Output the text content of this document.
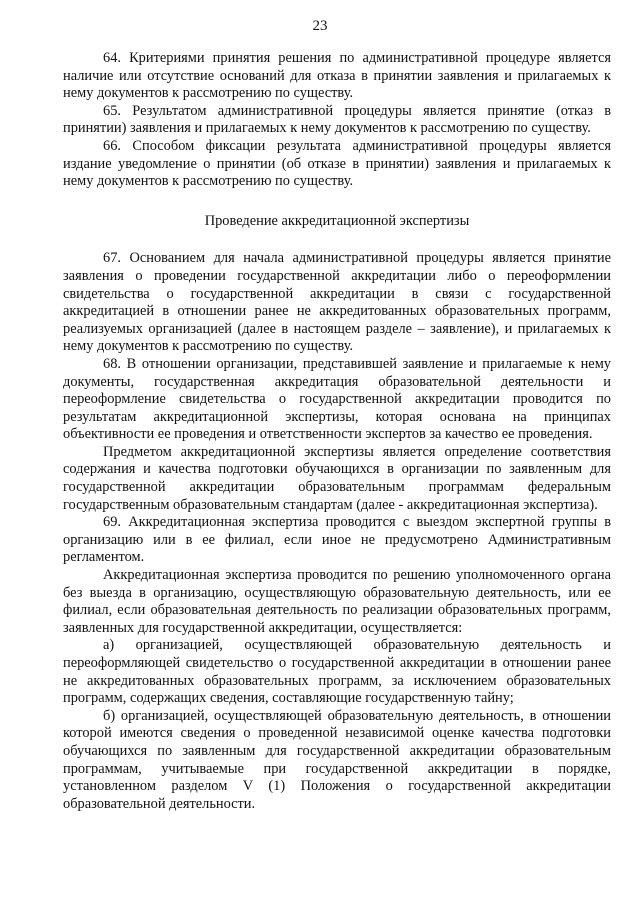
23

64. Критериями принятия решения по административной процедуре является наличие или отсутствие оснований для отказа в принятии заявления и прилагаемых к нему документов к рассмотрению по существу.

65. Результатом административной процедуры является принятие (отказ в принятии) заявления и прилагаемых к нему документов к рассмотрению по существу.

66. Способом фиксации результата административной процедуры является издание уведомление о принятии (об отказе в принятии) заявления и прилагаемых к нему документов к рассмотрению по существу.

Проведение аккредитационной экспертизы

67. Основанием для начала административной процедуры является принятие заявления о проведении государственной аккредитации либо о переоформлении свидетельства о государственной аккредитации в связи с государственной аккредитацией в отношении ранее не аккредитованных образовательных программ, реализуемых организацией (далее в настоящем разделе – заявление), и прилагаемых к нему документов к рассмотрению по существу.

68. В отношении организации, представившей заявление и прилагаемые к нему документы, государственная аккредитация образовательной деятельности и переоформление свидетельства о государственной аккредитации проводится по результатам аккредитационной экспертизы, которая основана на принципах объективности ее проведения и ответственности экспертов за качество ее проведения.

Предметом аккредитационной экспертизы является определение соответствия содержания и качества подготовки обучающихся в организации по заявленным для государственной аккредитации образовательным программам федеральным государственным образовательным стандартам (далее - аккредитационная экспертиза).

69. Аккредитационная экспертиза проводится с выездом экспертной группы в организацию или в ее филиал, если иное не предусмотрено Административным регламентом.

Аккредитационная экспертиза проводится по решению уполномоченного органа без выезда в организацию, осуществляющую образовательную деятельность, или ее филиал, если образовательная деятельность по реализации образовательных программ, заявленных для государственной аккредитации, осуществляется:

а) организацией, осуществляющей образовательную деятельность и переоформляющей свидетельство о государственной аккредитации в отношении ранее не аккредитованных образовательных программ, за исключением образовательных программ, содержащих сведения, составляющие государственную тайну;

б) организацией, осуществляющей образовательную деятельность, в отношении которой имеются сведения о проведенной независимой оценке качества подготовки обучающихся по заявленным для государственной аккредитации образовательным программам, учитываемые при государственной аккредитации в порядке, установленном разделом V (1) Положения о государственной аккредитации образовательной деятельности.
